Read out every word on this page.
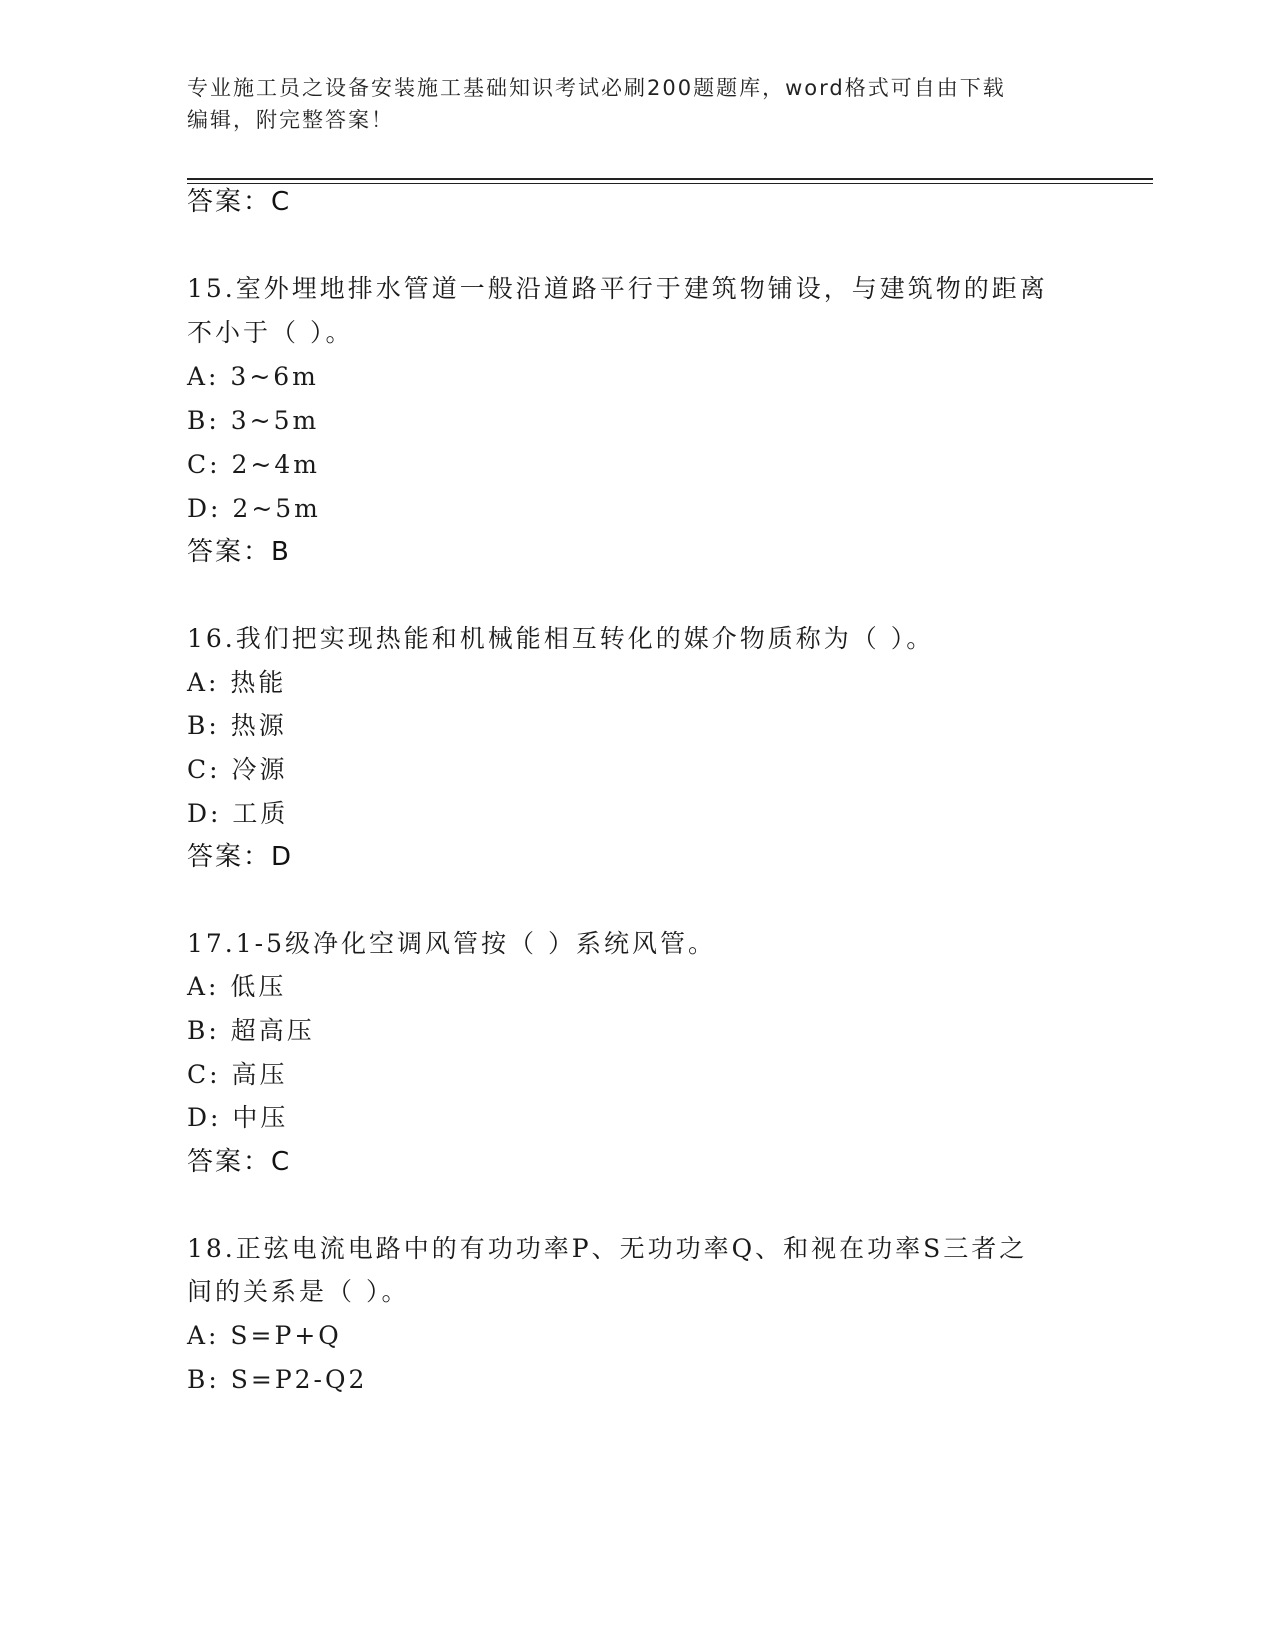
专业施工员之设备安装施工基础知识考试必刷200题题库，word格式可自由下载
编辑，附完整答案！
答案：C
15.室外埋地排水管道一般沿道路平行于建筑物铺设，与建筑物的距离
不小于（ ）。
A: 3~6m
B: 3~5m
C: 2~4m
D: 2~5m
答案：B
16.我们把实现热能和机械能相互转化的媒介物质称为（ ）。
A: 热能
B: 热源
C: 冷源
D: 工质
答案：D
17.1-5级净化空调风管按（ ）系统风管。
A: 低压
B: 超高压
C: 高压
D: 中压
答案：C
18.正弦电流电路中的有功功率P、无功功率Q、和视在功率S三者之
间的关系是（ ）。
A: S=P+Q
B: S=P2-Q2
